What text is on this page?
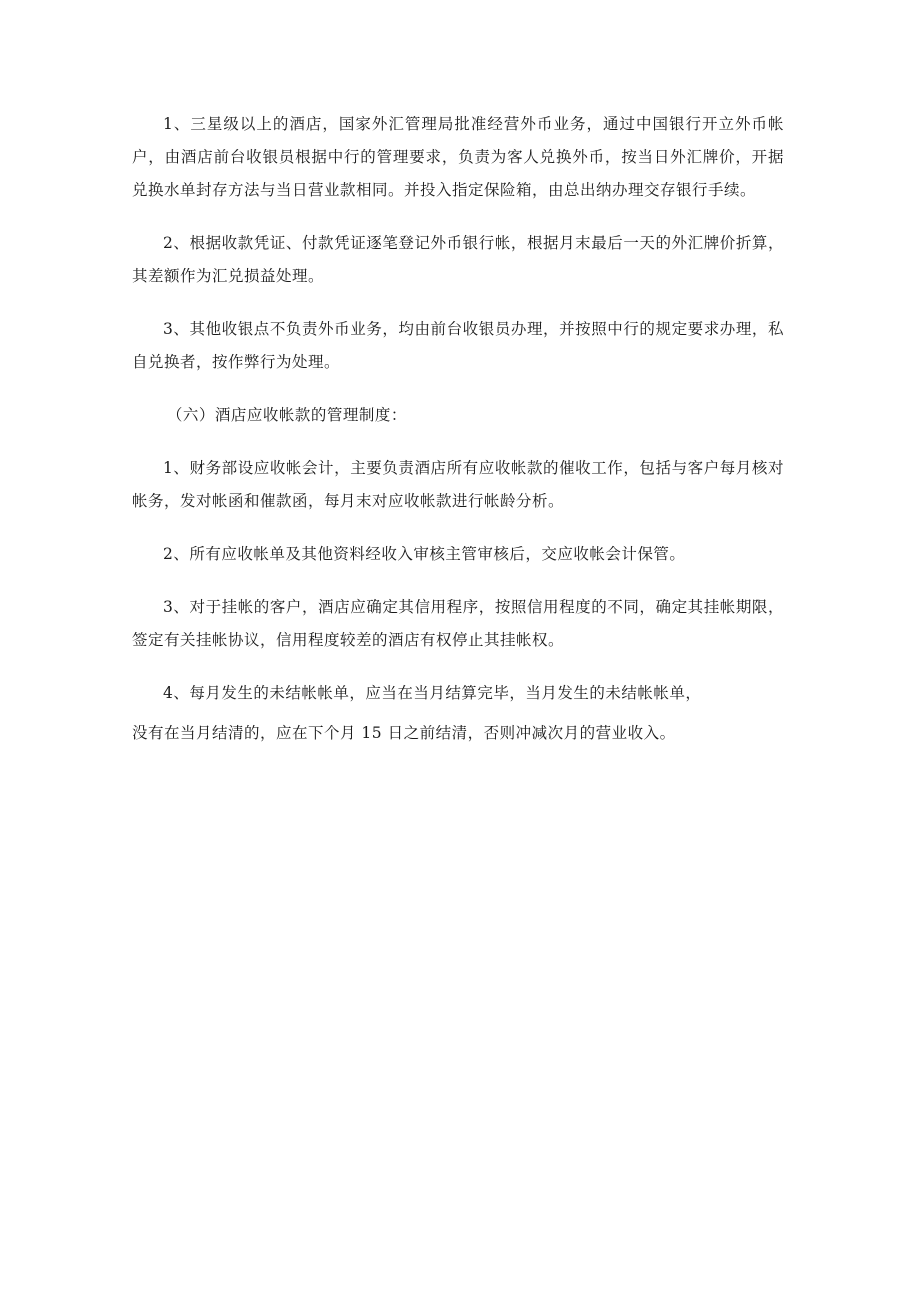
1、三星级以上的酒店，国家外汇管理局批准经营外币业务，通过中国银行开立外币帐户，由酒店前台收银员根据中行的管理要求，负责为客人兑换外币，按当日外汇牌价，开据兑换水单封存方法与当日营业款相同。并投入指定保险箱，由总出纳办理交存银行手续。

2、根据收款凭证、付款凭证逐笔登记外币银行帐，根据月末最后一天的外汇牌价折算，其差额作为汇兑损益处理。

3、其他收银点不负责外币业务，均由前台收银员办理，并按照中行的规定要求办理，私自兑换者，按作弊行为处理。

（六）酒店应收帐款的管理制度：

1、财务部设应收帐会计，主要负责酒店所有应收帐款的催收工作，包括与客户每月核对帐务，发对帐函和催款函，每月末对应收帐款进行帐龄分析。

2、所有应收帐单及其他资料经收入审核主管审核后，交应收帐会计保管。

3、对于挂帐的客户，酒店应确定其信用程序，按照信用程度的不同，确定其挂帐期限，签定有关挂帐协议，信用程度较差的酒店有权停止其挂帐权。

4、每月发生的未结帐帐单，应当在当月结算完毕，当月发生的未结帐帐单，

没有在当月结清的，应在下个月 15 日之前结清，否则冲减次月的营业收入。
